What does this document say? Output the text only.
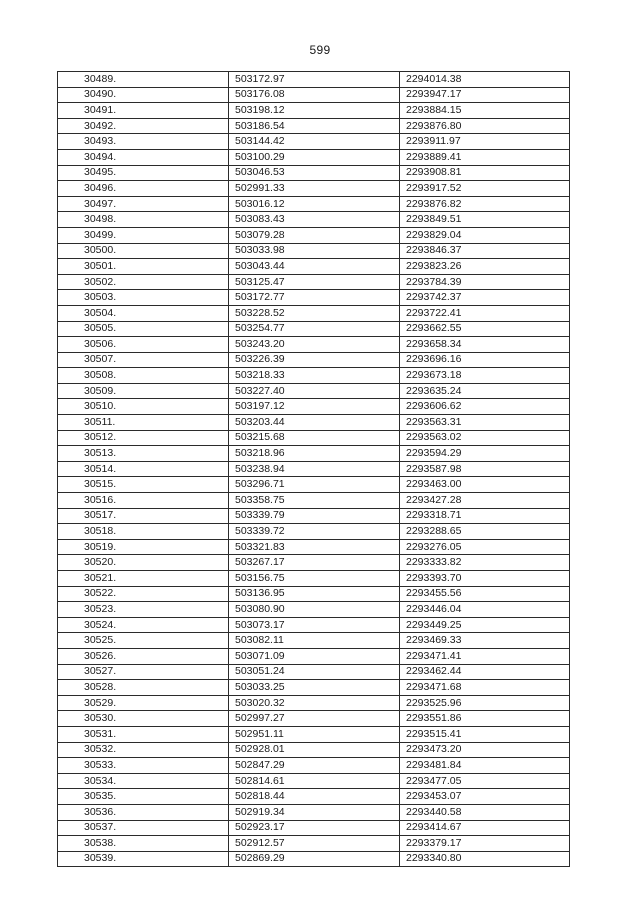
599
30489.	503172.97	2294014.38
30490.	503176.08	2293947.17
30491.	503198.12	2293884.15
30492.	503186.54	2293876.80
30493.	503144.42	2293911.97
30494.	503100.29	2293889.41
30495.	503046.53	2293908.81
30496.	502991.33	2293917.52
30497.	503016.12	2293876.82
30498.	503083.43	2293849.51
30499.	503079.28	2293829.04
30500.	503033.98	2293846.37
30501.	503043.44	2293823.26
30502.	503125.47	2293784.39
30503.	503172.77	2293742.37
30504.	503228.52	2293722.41
30505.	503254.77	2293662.55
30506.	503243.20	2293658.34
30507.	503226.39	2293696.16
30508.	503218.33	2293673.18
30509.	503227.40	2293635.24
30510.	503197.12	2293606.62
30511.	503203.44	2293563.31
30512.	503215.68	2293563.02
30513.	503218.96	2293594.29
30514.	503238.94	2293587.98
30515.	503296.71	2293463.00
30516.	503358.75	2293427.28
30517.	503339.79	2293318.71
30518.	503339.72	2293288.65
30519.	503321.83	2293276.05
30520.	503267.17	2293333.82
30521.	503156.75	2293393.70
30522.	503136.95	2293455.56
30523.	503080.90	2293446.04
30524.	503073.17	2293449.25
30525.	503082.11	2293469.33
30526.	503071.09	2293471.41
30527.	503051.24	2293462.44
30528.	503033.25	2293471.68
30529.	503020.32	2293525.96
30530.	502997.27	2293551.86
30531.	502951.11	2293515.41
30532.	502928.01	2293473.20
30533.	502847.29	2293481.84
30534.	502814.61	2293477.05
30535.	502818.44	2293453.07
30536.	502919.34	2293440.58
30537.	502923.17	2293414.67
30538.	502912.57	2293379.17
30539.	502869.29	2293340.80
